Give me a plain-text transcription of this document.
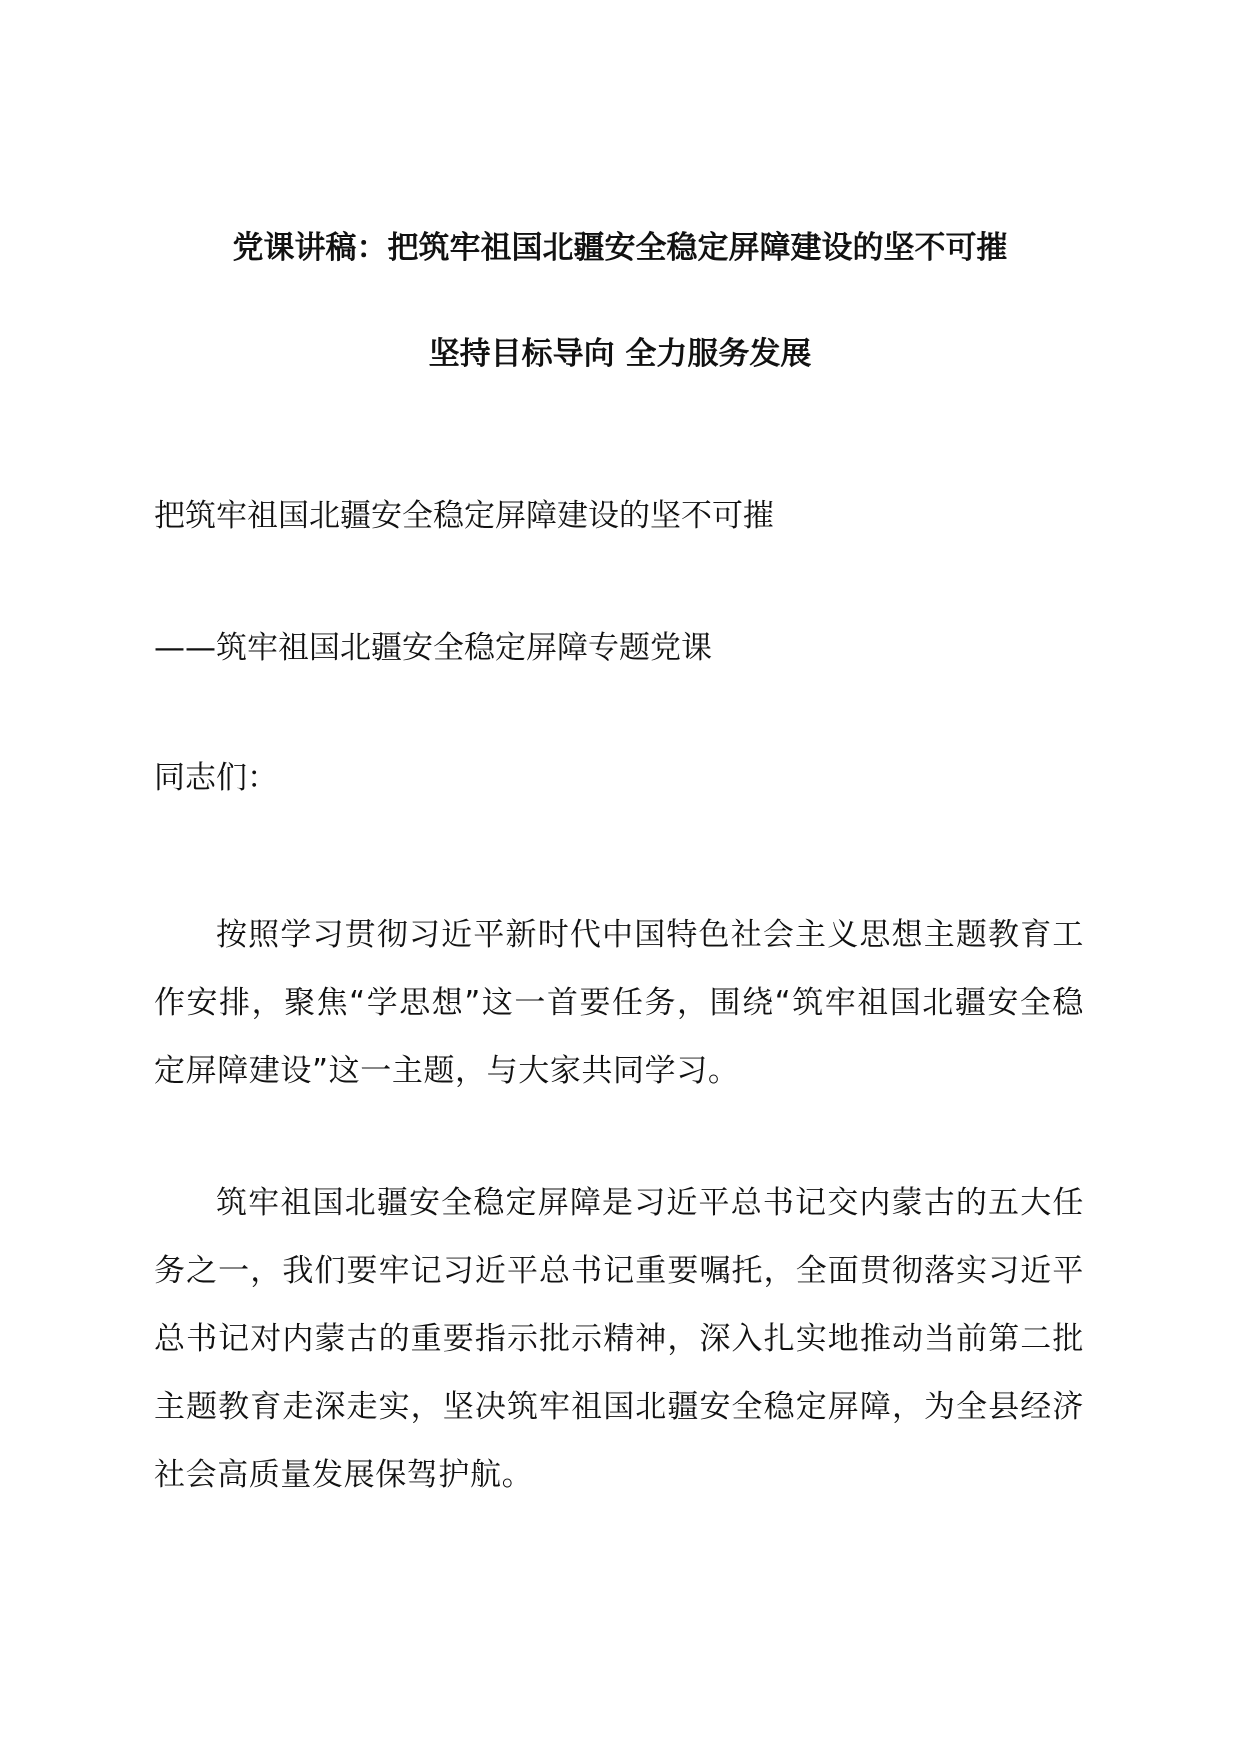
党课讲稿：把筑牢祖国北疆安全稳定屏障建设的坚不可摧
坚持目标导向 全力服务发展
把筑牢祖国北疆安全稳定屏障建设的坚不可摧
——筑牢祖国北疆安全稳定屏障专题党课
同志们：

按照学习贯彻习近平新时代中国特色社会主义思想主题教育工作安排，聚焦“学思想”这一首要任务，围绕“筑牢祖国北疆安全稳定屏障建设”这一主题，与大家共同学习。

筑牢祖国北疆安全稳定屏障是习近平总书记交内蒙古的五大任务之一，我们要牢记习近平总书记重要嘱托，全面贯彻落实习近平总书记对内蒙古的重要指示批示精神，深入扎实地推动当前第二批主题教育走深走实，坚决筑牢祖国北疆安全稳定屏障，为全县经济社会高质量发展保驾护航。
